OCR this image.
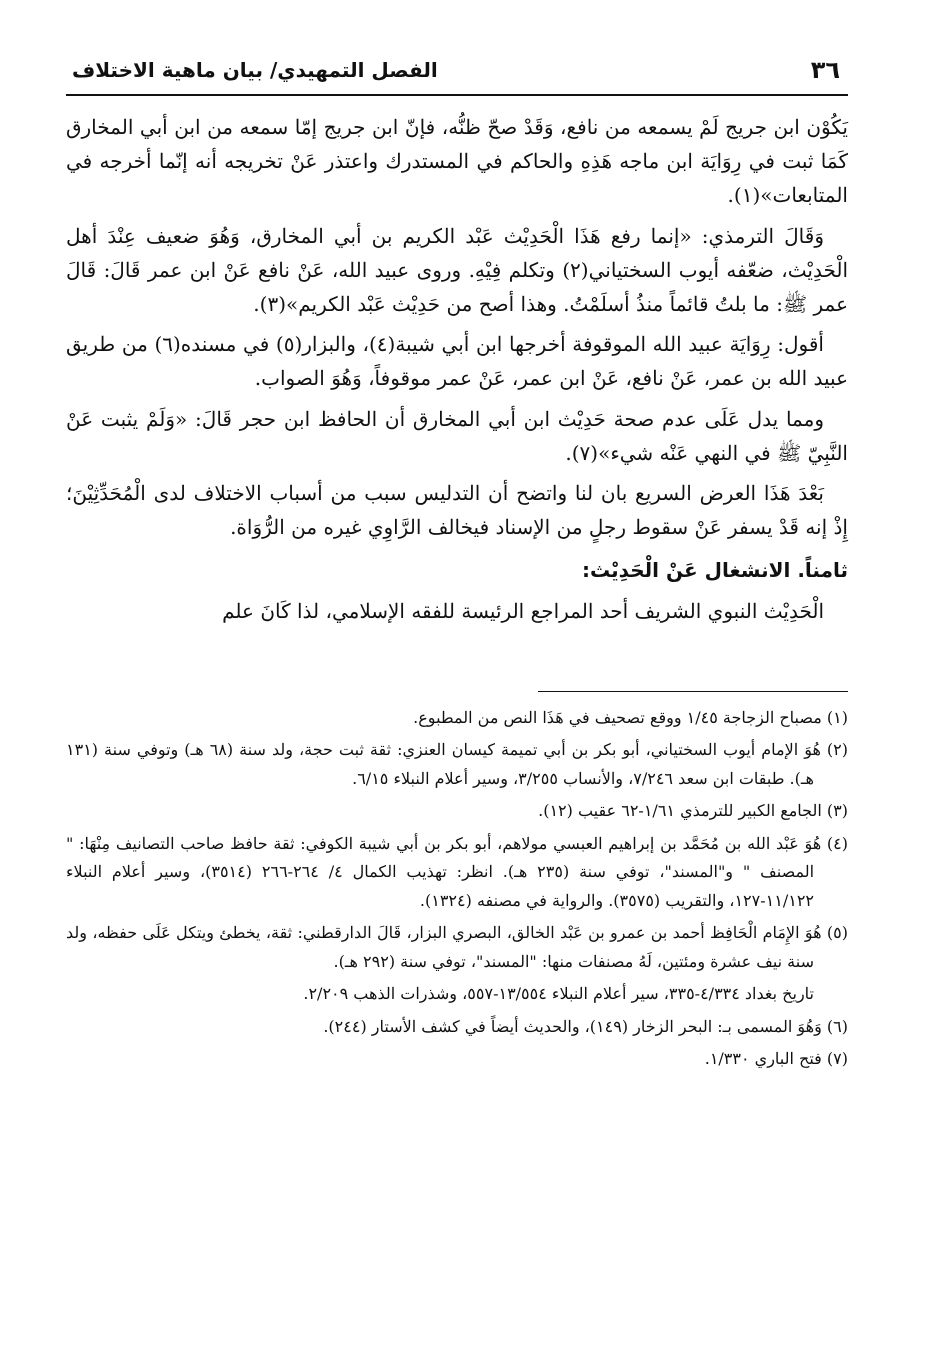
٣٦
الفصل التمهيدي/ بيان ماهية الاختلاف

يَكُوْن ابن جريج لَمْ يسمعه من نافع، وَقَدْ صحّ ظنُّه، فإنّ ابن جريج إمّا سمعه من ابن أبي المخارق كَمَا ثبت في رِوَايَة ابن ماجه هَذِهِ والحاكم في المستدرك واعتذر عَنْ تخريجه أنه إنّما أخرجه في المتابعات»(١).

وَقَالَ الترمذي: «إنما رفع هَذَا الْحَدِيْث عَبْد الكريم بن أبي المخارق، وَهُوَ ضعيف عِنْدَ أهل الْحَدِيْث، ضعّفه أيوب السختياني(٢) وتكلم فِيْهِ. وروى عبيد الله، عَنْ نافع عَنْ ابن عمر قَالَ: قَالَ عمر ﷺ: ما بلتُ قائماً منذُ أسلَمْتُ. وهذا أصح من حَدِيْث عَبْد الكريم»(٣).

أقول: رِوَايَة عبيد الله الموقوفة أخرجها ابن أبي شيبة(٤)، والبزار(٥) في مسنده(٦) من طريق عبيد الله بن عمر، عَنْ نافع، عَنْ ابن عمر، عَنْ عمر موقوفاً، وَهُوَ الصواب.

ومما يدل عَلَى عدم صحة حَدِيْث ابن أبي المخارق أن الحافظ ابن حجر قَالَ: «وَلَمْ يثبت عَنْ النَّبِيّ ﷺ في النهي عَنْه شيء»(٧).

بَعْدَ هَذَا العرض السريع بان لنا واتضح أن التدليس سبب من أسباب الاختلاف لدى الْمُحَدِّثِيْنَ؛ إِذْ إنه قَدْ يسفر عَنْ سقوط رجلٍ من الإسناد فيخالف الرَّاوِي غيره من الرُّوَاة.

ثامناً. الانشغال عَنْ الْحَدِيْث:

الْحَدِيْث النبوي الشريف أحد المراجع الرئيسة للفقه الإسلامي، لذا كَانَ علم

(١) مصباح الزجاجة ١/٤٥ ووقع تصحيف في هَذَا النص من المطبوع.

(٢) هُوَ الإمام أيوب السختياني، أبو بكر بن أبي تميمة كيسان العنزي: ثقة ثبت حجة، ولد سنة (٦٨ هـ) وتوفي سنة (١٣١ هـ). طبقات ابن سعد ٧/٢٤٦، والأنساب ٣/٢٥٥، وسير أعلام النبلاء ٦/١٥.

(٣) الجامع الكبير للترمذي ١/٦١-٦٢ عقيب (١٢).

(٤) هُوَ عَبْد الله بن مُحَمَّد بن إبراهيم العبسي مولاهم، أبو بكر بن أبي شيبة الكوفي: ثقة حافظ صاحب التصانيف مِنْهَا: " المصنف " و"المسند"، توفي سنة (٢٣٥ هـ). انظر: تهذيب الكمال ٤/ ٢٦٤-٢٦٦ (٣٥١٤)، وسير أعلام النبلاء ١١/١٢٢-١٢٧، والتقريب (٣٥٧٥). والرواية في مصنفه (١٣٢٤).

(٥) هُوَ الإِمَام الْحَافِظ أحمد بن عمرو بن عَبْد الخالق، البصري البزار، قَالَ الدارقطني: ثقة، يخطئ ويتكل عَلَى حفظه، ولد سنة نيف عشرة ومئتين، لَهُ مصنفات منها: "المسند"، توفي سنة (٢٩٢ هـ).

تاريخ بغداد ٤/٣٣٤-٣٣٥، سير أعلام النبلاء ١٣/٥٥٤-٥٥٧، وشذرات الذهب ٢/٢٠٩.

(٦) وَهُوَ المسمى بـ: البحر الزخار (١٤٩)، والحديث أيضاً في كشف الأستار (٢٤٤).

(٧) فتح الباري ١/٣٣٠.
